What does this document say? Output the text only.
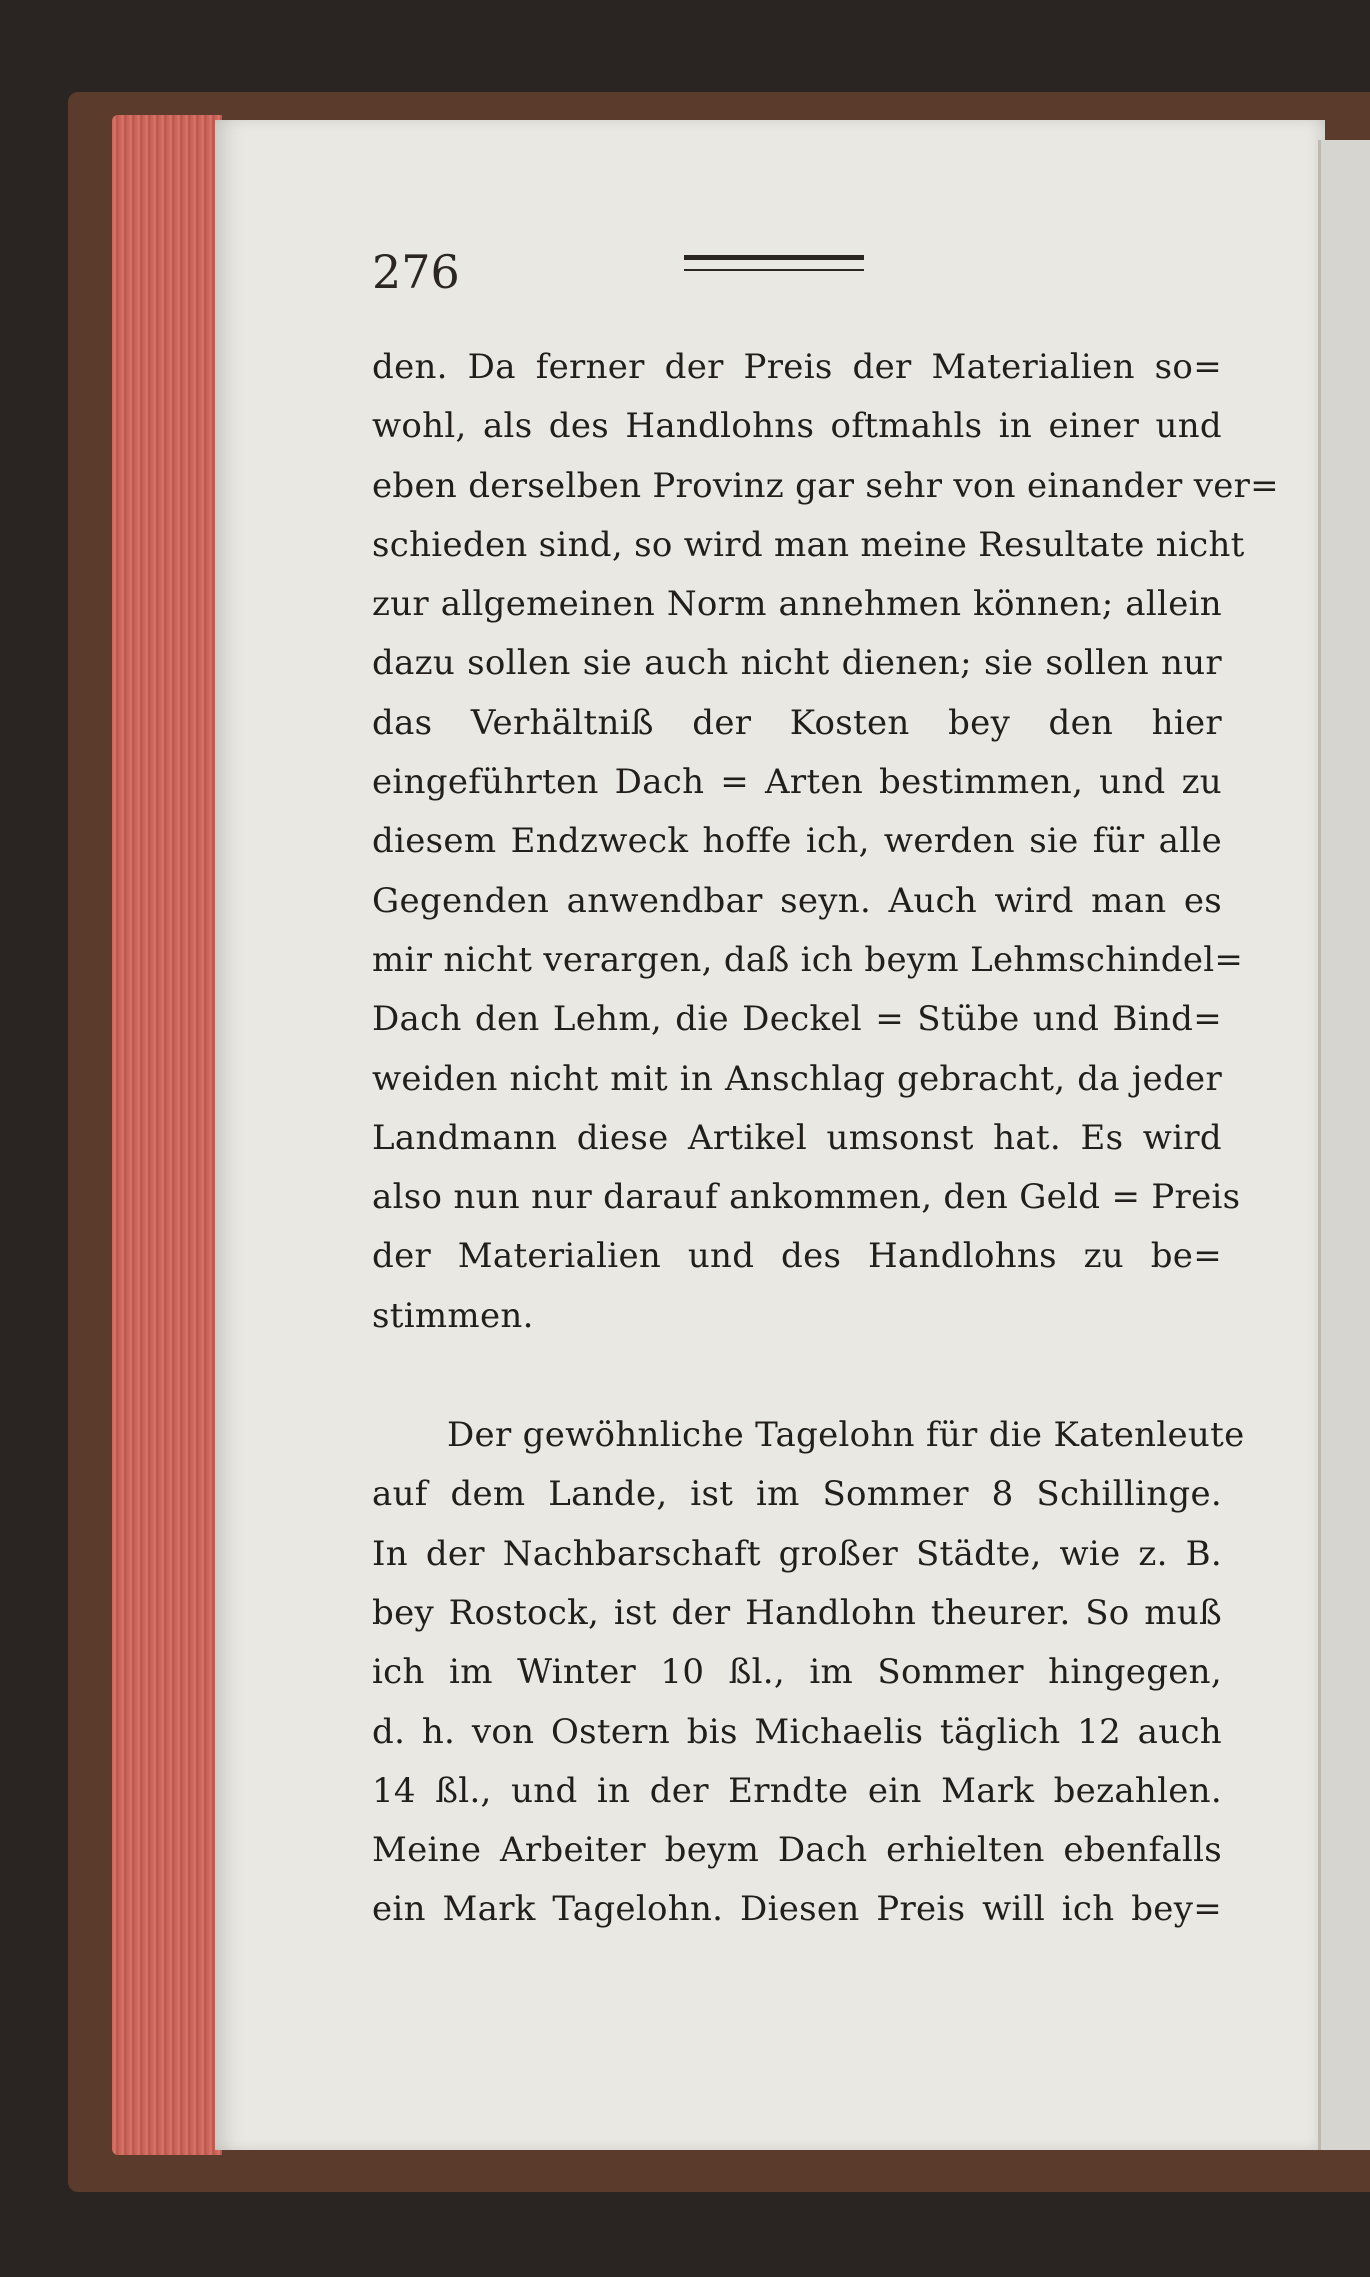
276
den. Da ferner der Preis der Materialien so=
wohl, als des Handlohns oftmahls in einer und
eben derselben Provinz gar sehr von einander ver=
schieden sind, so wird man meine Resultate nicht
zur allgemeinen Norm annehmen können; allein
dazu sollen sie auch nicht dienen; sie sollen nur
das Verhältniß der Kosten bey den hier
eingeführten Dach = Arten bestimmen, und zu
diesem Endzweck hoffe ich, werden sie für alle
Gegenden anwendbar seyn. Auch wird man es
mir nicht verargen, daß ich beym Lehmschindel=
Dach den Lehm, die Deckel = Stübe und Bind=
weiden nicht mit in Anschlag gebracht, da jeder
Landmann diese Artikel umsonst hat. Es wird
also nun nur darauf ankommen, den Geld = Preis
der Materialien und des Handlohns zu be=
stimmen.
Der gewöhnliche Tagelohn für die Katenleute
auf dem Lande, ist im Sommer 8 Schillinge.
In der Nachbarschaft großer Städte, wie z. B.
bey Rostock, ist der Handlohn theurer. So muß
ich im Winter 10 ßl., im Sommer hingegen,
d. h. von Ostern bis Michaelis täglich 12 auch
14 ßl., und in der Erndte ein Mark bezahlen.
Meine Arbeiter beym Dach erhielten ebenfalls
ein Mark Tagelohn. Diesen Preis will ich bey=
